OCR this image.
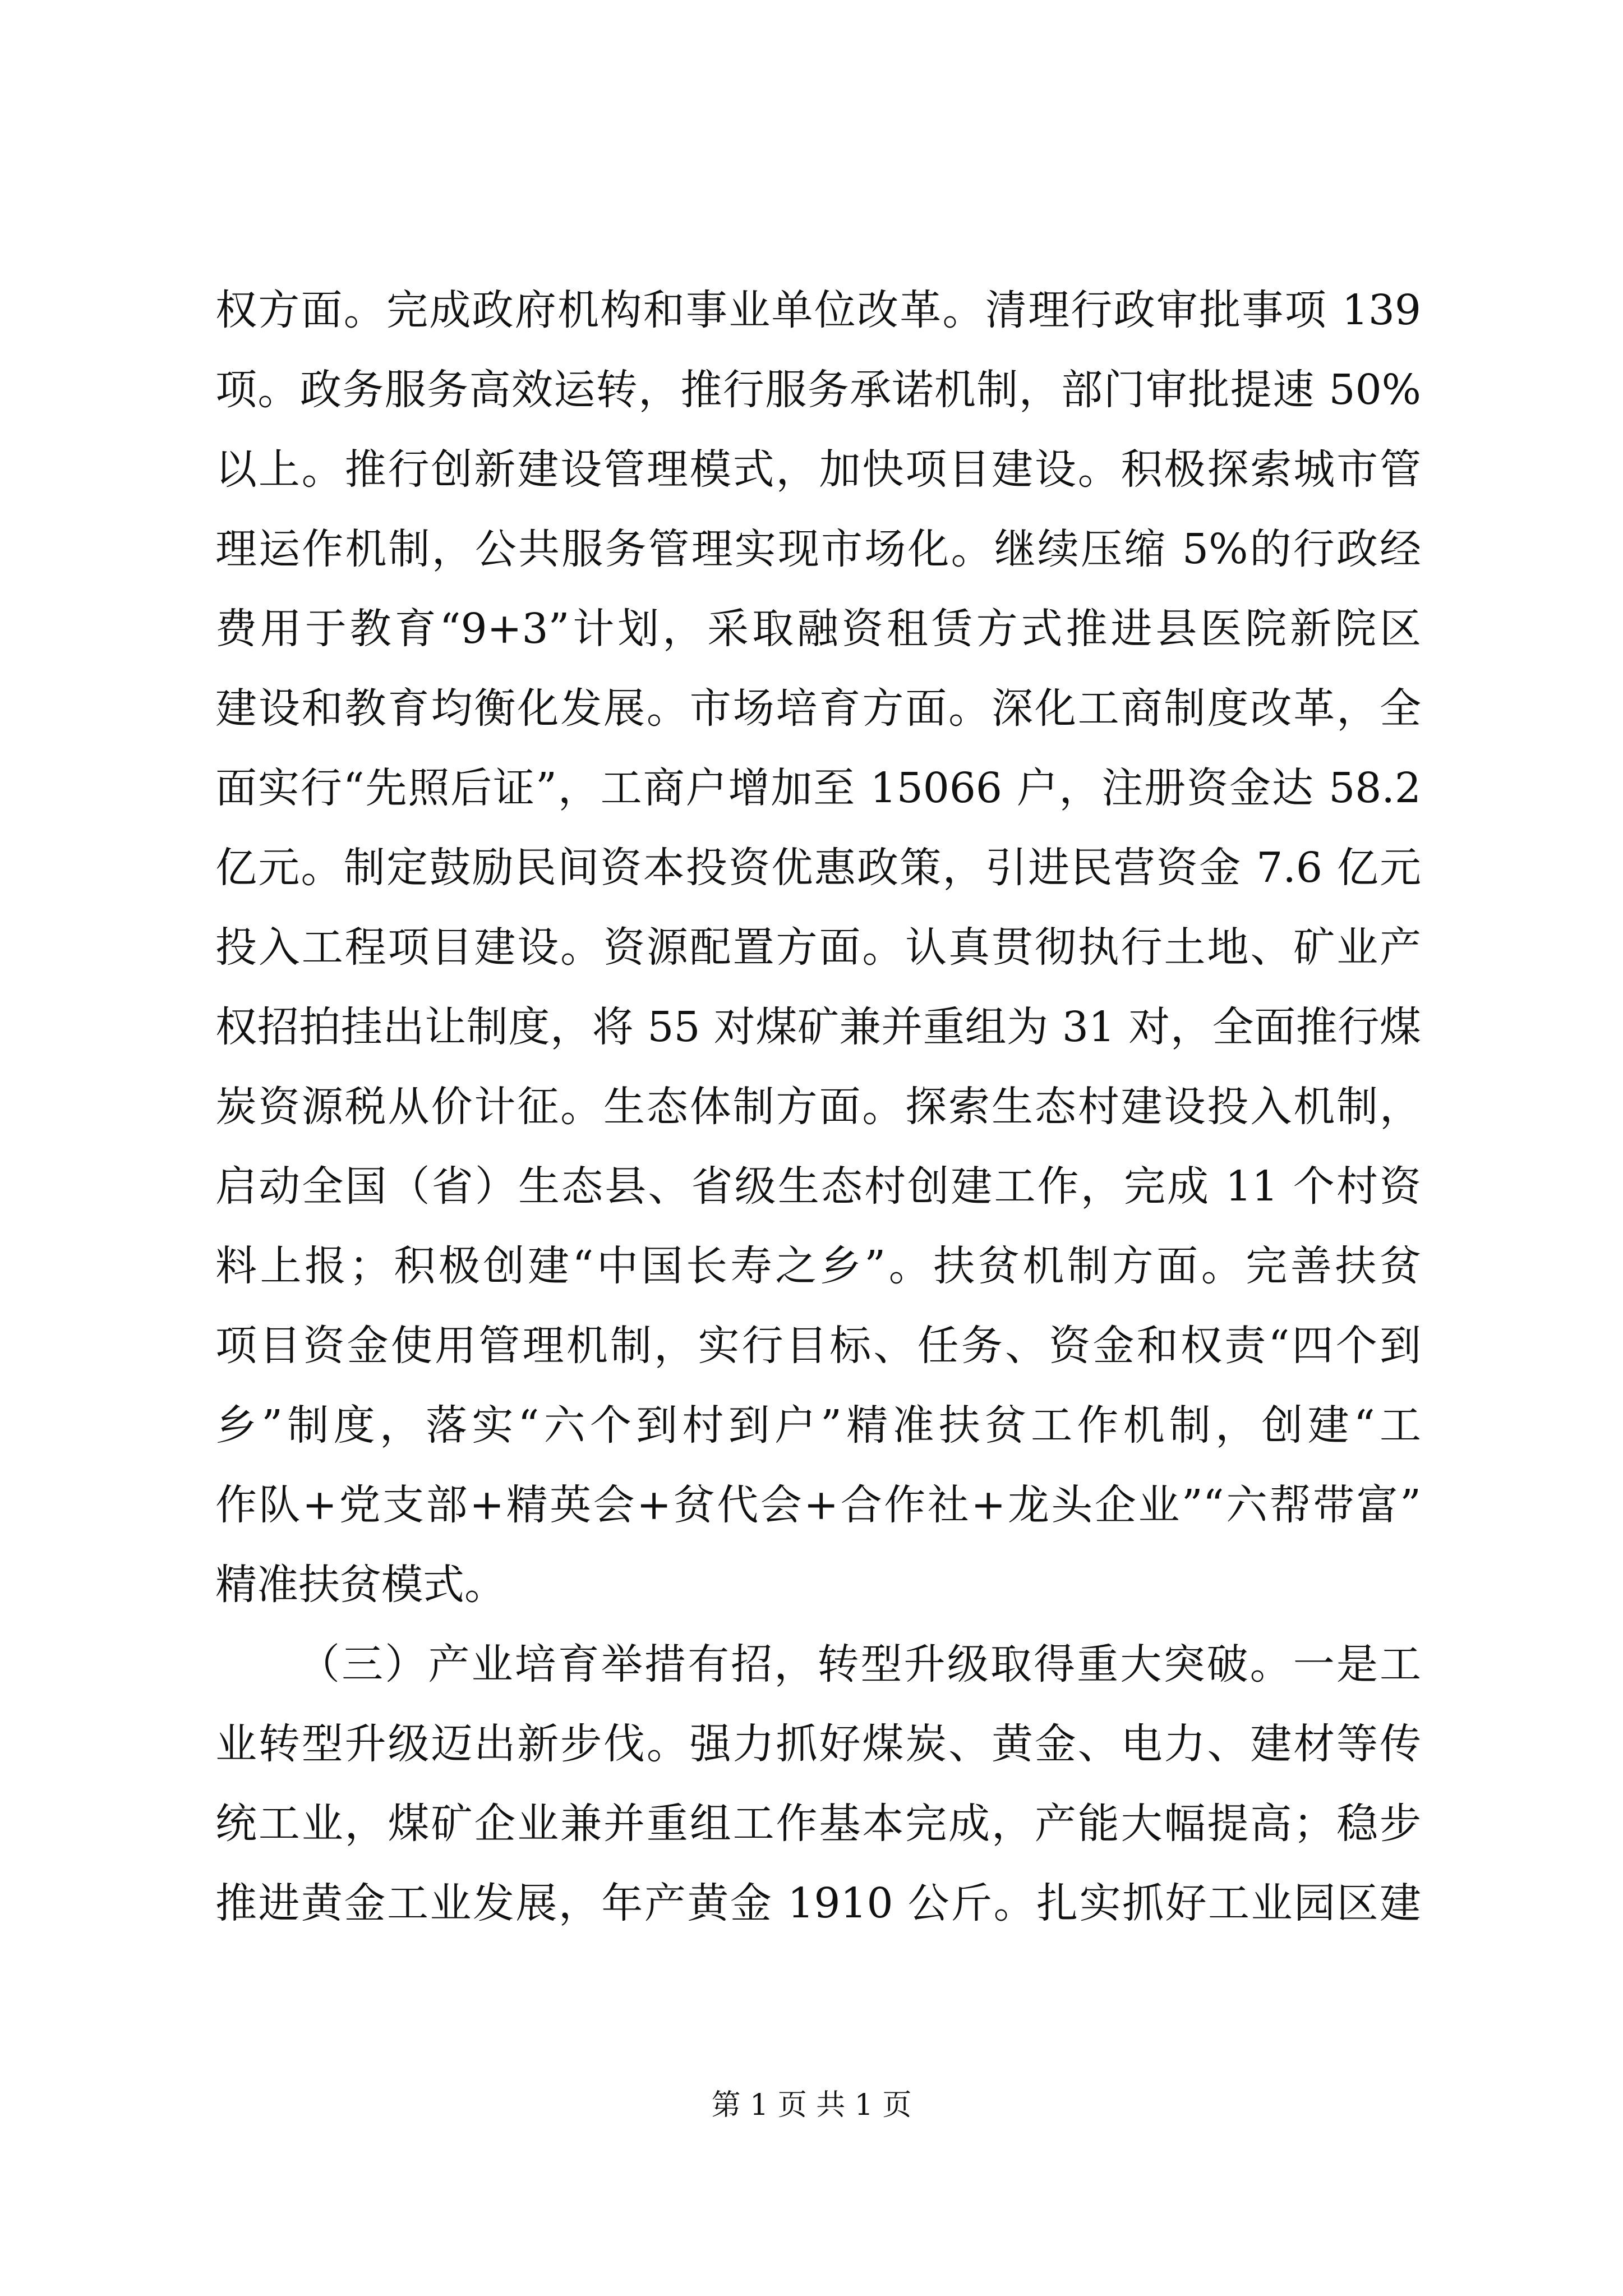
权方面。完成政府机构和事业单位改革。清理行政审批事项 139
项。政务服务高效运转，推行服务承诺机制，部门审批提速 50%
以上。推行创新建设管理模式，加快项目建设。积极探索城市管
理运作机制，公共服务管理实现市场化。继续压缩 5%的行政经
费用于教育“9+3”计划，采取融资租赁方式推进县医院新院区
建设和教育均衡化发展。市场培育方面。深化工商制度改革，全
面实行“先照后证”，工商户增加至 15066 户，注册资金达 58.2
亿元。制定鼓励民间资本投资优惠政策，引进民营资金 7.6 亿元
投入工程项目建设。资源配置方面。认真贯彻执行土地、矿业产
权招拍挂出让制度，将 55 对煤矿兼并重组为 31 对，全面推行煤
炭资源税从价计征。生态体制方面。探索生态村建设投入机制，
启动全国（省）生态县、省级生态村创建工作，完成 11 个村资
料上报；积极创建“中国长寿之乡”。扶贫机制方面。完善扶贫
项目资金使用管理机制，实行目标、任务、资金和权责“四个到
乡”制度，落实“六个到村到户”精准扶贫工作机制，创建“工
作队+党支部+精英会+贫代会+合作社+龙头企业”“六帮带富”
精准扶贫模式。
（三）产业培育举措有招，转型升级取得重大突破。一是工
业转型升级迈出新步伐。强力抓好煤炭、黄金、电力、建材等传
统工业，煤矿企业兼并重组工作基本完成，产能大幅提高；稳步
推进黄金工业发展，年产黄金 1910 公斤。扎实抓好工业园区建
第 1 页 共 1 页
